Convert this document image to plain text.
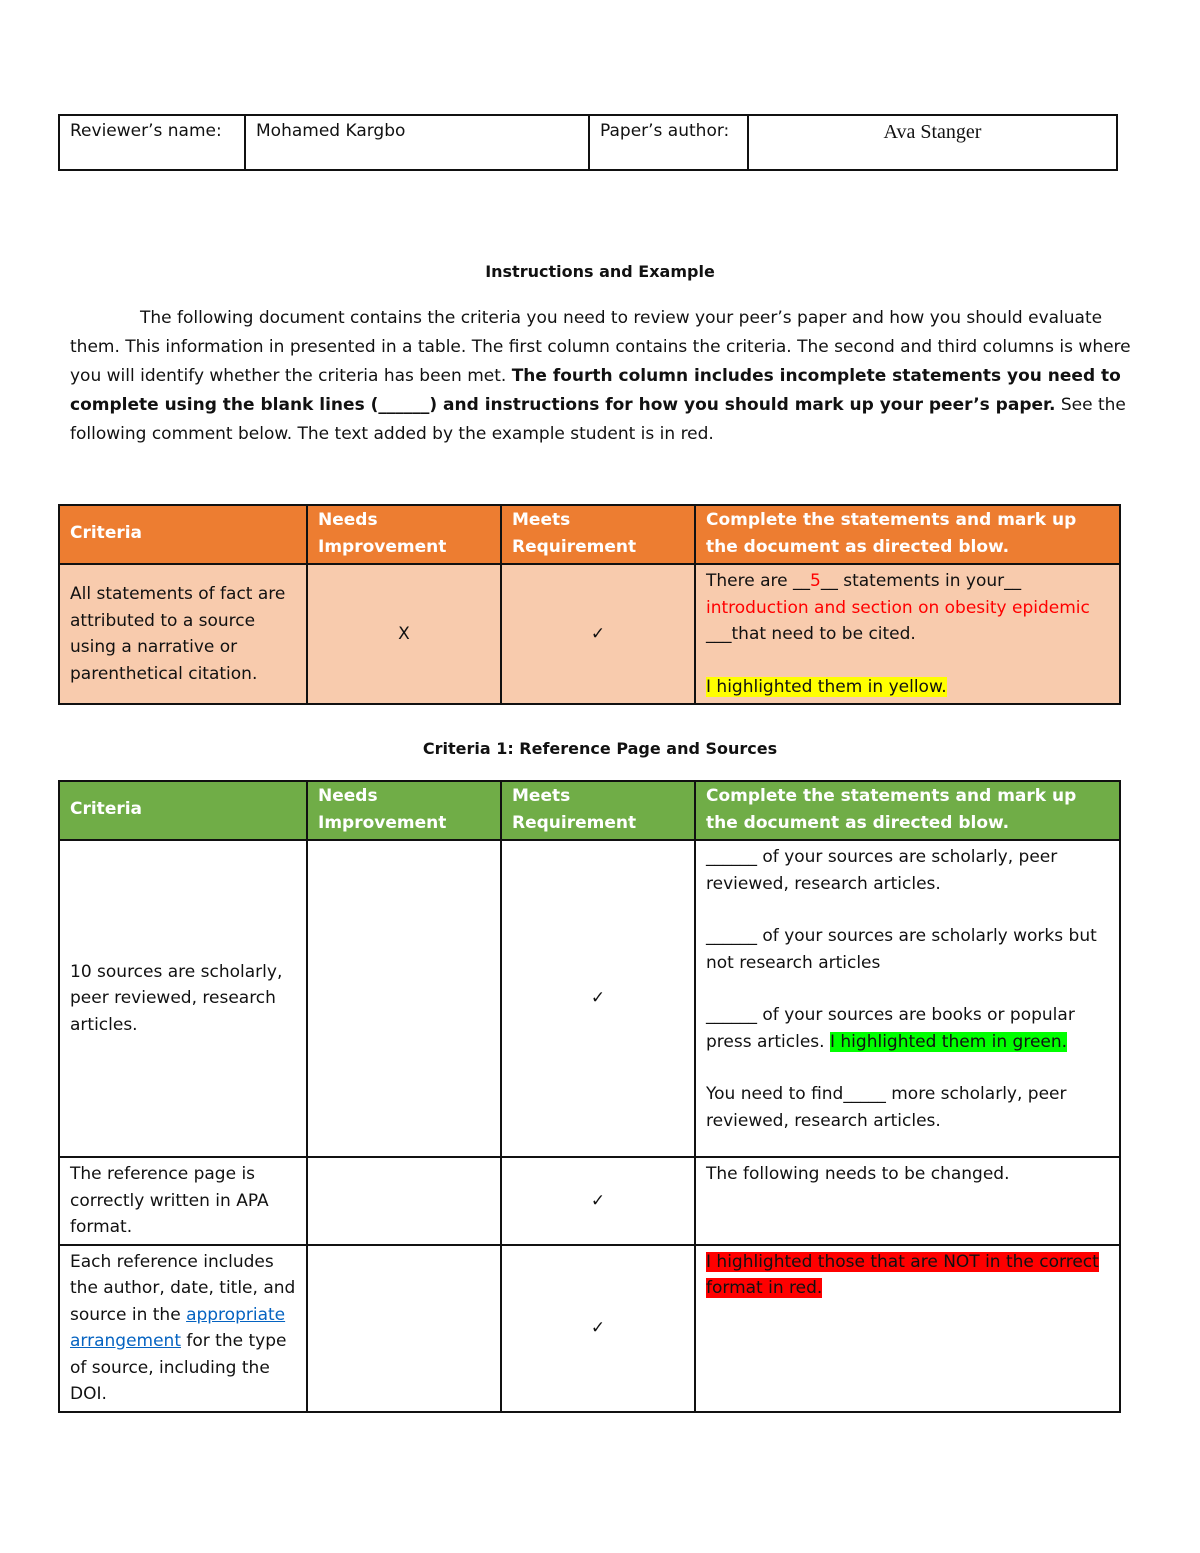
Reviewer’s name:	Mohamed Kargbo	Paper’s author:	Ava Stanger
Instructions and Example
The following document contains the criteria you need to review your peer’s paper and how you should evaluate them. This information in presented in a table. The first column contains the criteria. The second and third columns is where you will identify whether the criteria has been met. The fourth column includes incomplete statements you need to complete using the blank lines (______) and instructions for how you should mark up your peer’s paper. See the following comment below. The text added by the example student is in red.
Criteria	Needs Improvement	Meets Requirement	Complete the statements and mark up the document as directed blow.
All statements of fact are attributed to a source using a narrative or parenthetical citation.	X	✓	There are __5__ statements in your__
introduction and section on obesity epidemic
___that need to be cited.
I highlighted them in yellow.
Criteria 1: Reference Page and Sources
Criteria	Needs Improvement	Meets Requirement	Complete the statements and mark up the document as directed blow.
10 sources are scholarly, peer reviewed, research articles.		✓	______ of your sources are scholarly, peer reviewed, research articles.
______ of your sources are scholarly works but not research articles
______ of your sources are books or popular press articles. I highlighted them in green.
You need to find_____ more scholarly, peer reviewed, research articles.

The reference page is correctly written in APA format.		✓	The following needs to be changed.
Each reference includes the author, date, title, and source in the appropriate arrangement for the type of source, including the DOI.		✓	I highlighted those that are NOT in the correct format in red.
